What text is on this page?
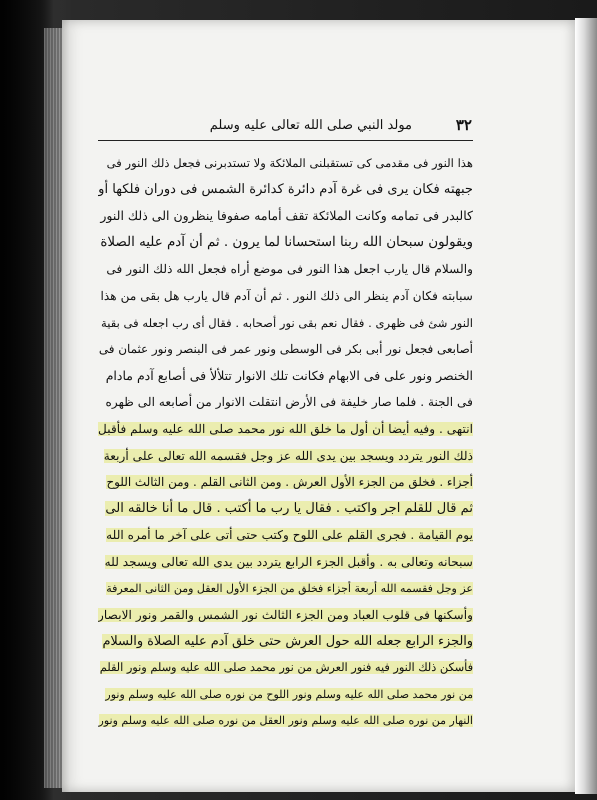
٣٢
مولد النبي صلى الله تعالى عليه وسلم
هذا النور فى مقدمى كى تستقبلنى الملائكة ولا تستدبرنى فجعل ذلك النور فى
جبهته فكان يرى فى غرة آدم دائرة كدائرة الشمس فى دوران فلكها أو
كالبدر فى تمامه وكانت الملائكة تقف أمامه صفوفا ينظرون الى ذلك النور
ويقولون سبحان الله ربنا استحسانا لما يرون . ثم أن آدم عليه الصلاة
والسلام قال يارب اجعل هذا النور فى موضع أراه فجعل الله ذلك النور فى
سبابته فكان آدم ينظر الى ذلك النور . ثم أن آدم قال يارب هل بقى من هذا
النور شئ فى ظهرى . فقال نعم بقى نور أصحابه . فقال أى رب اجعله فى بقية
أصابعى فجعل نور أبى بكر فى الوسطى ونور عمر فى البنصر ونور عثمان فى
الخنصر ونور على فى الابهام فكانت تلك الانوار تتلألأ فى أصابع آدم مادام
فى الجنة . فلما صار خليفة فى الأرض انتقلت الانوار من أصابعه الى ظهره
انتهى . وفيه أيضا أن أول ما خلق الله نور محمد صلى الله عليه وسلم فأقبل
ذلك النور يتردد ويسجد بين يدى الله عز وجل فقسمه الله تعالى على أربعة
أجزاء . فخلق من الجزء الأول العرش . ومن الثانى القلم . ومن الثالث اللوح
ثم قال للقلم اجر واكتب . فقال يا رب ما أكتب . قال ما أنا خالقه الى
يوم القيامة . فجرى القلم على اللوح وكتب حتى أتى على آخر ما أمره الله
سبحانه وتعالى به . وأقبل الجزء الرابع يتردد بين يدى الله تعالى ويسجد لله
عز وجل فقسمه الله أربعة أجزاء فخلق من الجزء الأول العقل ومن الثانى المعرفة
وأسكنها فى قلوب العباد ومن الجزء الثالث نور الشمس والقمر ونور الابصار
والجزء الرابع جعله الله حول العرش حتى خلق آدم عليه الصلاة والسلام
فأسكن ذلك النور فيه فنور العرش من نور محمد صلى الله عليه وسلم ونور القلم
من نور محمد صلى الله عليه وسلم ونور اللوح من نوره صلى الله عليه وسلم ونور
النهار من نوره صلى الله عليه وسلم ونور العقل من نوره صلى الله عليه وسلم ونور
